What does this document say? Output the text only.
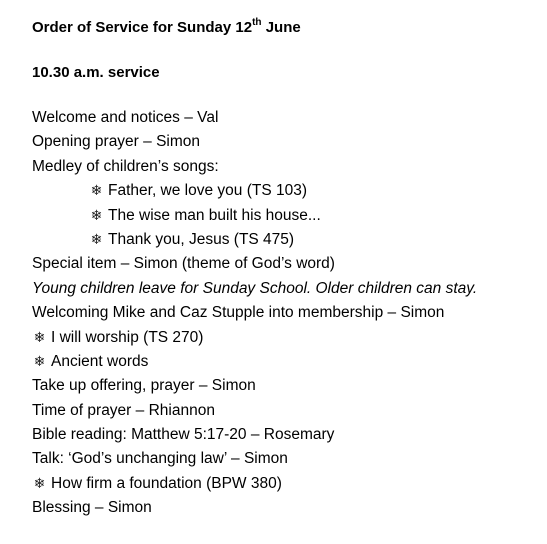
Order of Service for Sunday 12th June
10.30 a.m. service
Welcome and notices – Val
Opening prayer – Simon
Medley of children’s songs:
❄ Father, we love you (TS 103)
❄ The wise man built his house...
❄ Thank you, Jesus (TS 475)
Special item – Simon (theme of God’s word)
Young children leave for Sunday School. Older children can stay.
Welcoming Mike and Caz Stupple into membership – Simon
❄ I will worship (TS 270)
❄ Ancient words
Take up offering, prayer – Simon
Time of prayer – Rhiannon
Bible reading: Matthew 5:17-20 – Rosemary
Talk: ‘God’s unchanging law’ – Simon
❄ How firm a foundation (BPW 380)
Blessing – Simon
